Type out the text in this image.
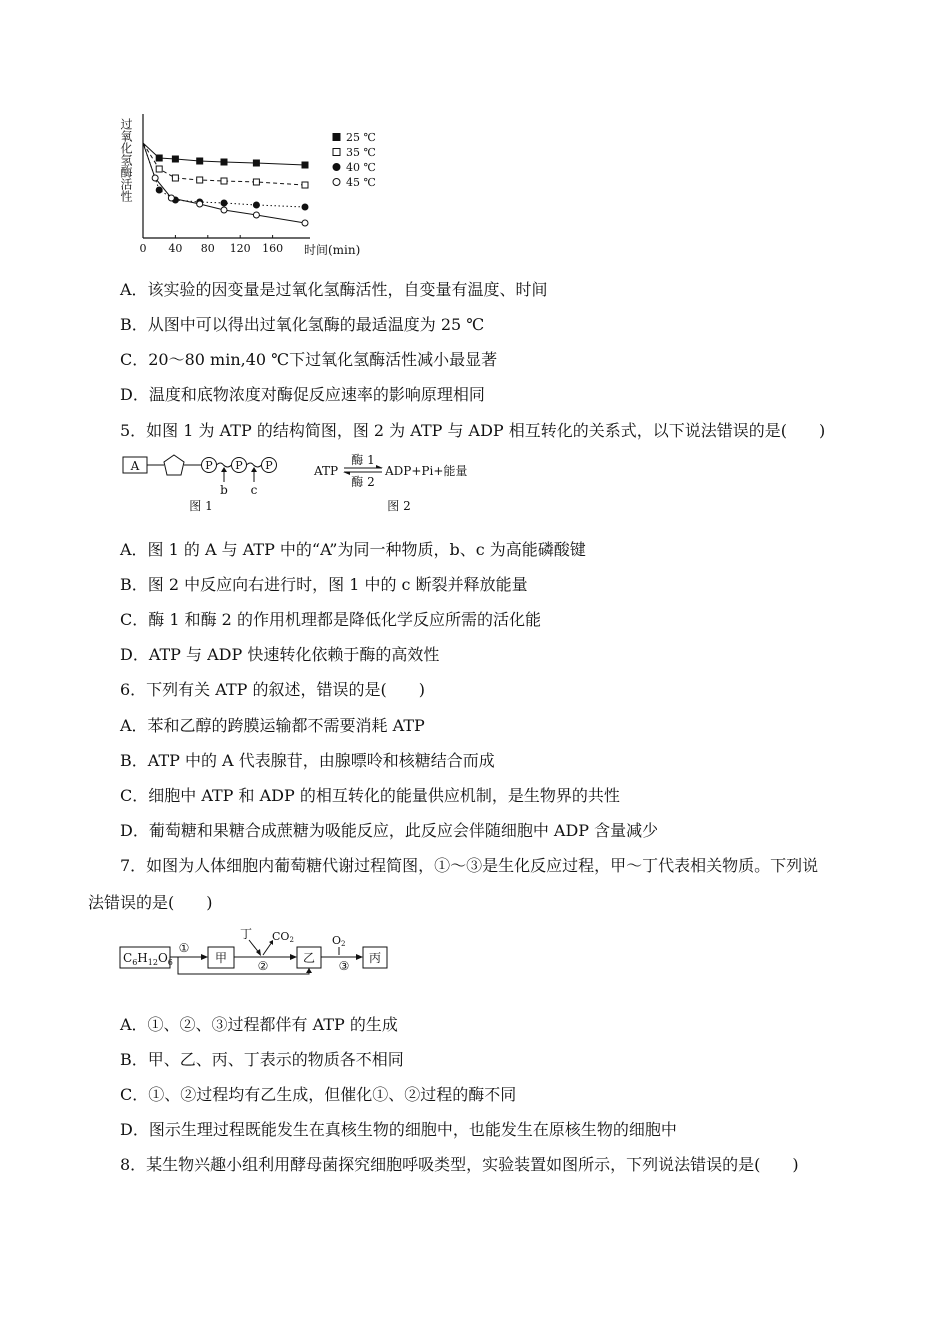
过氧化氢酶活性
0 40 80 120 160 时间(min)
25 ℃
35 ℃
40 ℃
45 ℃
A．该实验的因变量是过氧化氢酶活性，自变量有温度、时间
B．从图中可以得出过氧化氢酶的最适温度为 25 ℃
C．20～80 min,40 ℃下过氧化氢酶活性减小最显著
D．温度和底物浓度对酶促反应速率的影响原理相同
5．如图 1 为 ATP 的结构简图，图 2 为 ATP 与 ADP 相互转化的关系式，以下说法错误的是(　　)
A	P P P
b c
图 1
ATP
酶 1
酶 2
ADP+Pi+能量
图 2
A．图 1 的 A 与 ATP 中的“A”为同一种物质，b、c 为高能磷酸键
B．图 2 中反应向右进行时，图 1 中的 c 断裂并释放能量
C．酶 1 和酶 2 的作用机理都是降低化学反应所需的活化能
D．ATP 与 ADP 快速转化依赖于酶的高效性
6．下列有关 ATP 的叙述，错误的是(　　)
A．苯和乙醇的跨膜运输都不需要消耗 ATP
B．ATP 中的 A 代表腺苷，由腺嘌呤和核糖结合而成
C．细胞中 ATP 和 ADP 的相互转化的能量供应机制，是生物界的共性
D．葡萄糖和果糖合成蔗糖为吸能反应，此反应会伴随细胞中 ADP 含量减少
7．如图为人体细胞内葡萄糖代谢过程简图，①～③是生化反应过程，甲～丁代表相关物质。下列说
法错误的是(　　)
$C_6H_{12}O_6$
①
甲
丁 CO2
②
乙
O2
③
丙
A．①、②、③过程都伴有 ATP 的生成
B．甲、乙、丙、丁表示的物质各不相同
C．①、②过程均有乙生成，但催化①、②过程的酶不同
D．图示生理过程既能发生在真核生物的细胞中，也能发生在原核生物的细胞中
8．某生物兴趣小组利用酵母菌探究细胞呼吸类型，实验装置如图所示，下列说法错误的是(　　)
